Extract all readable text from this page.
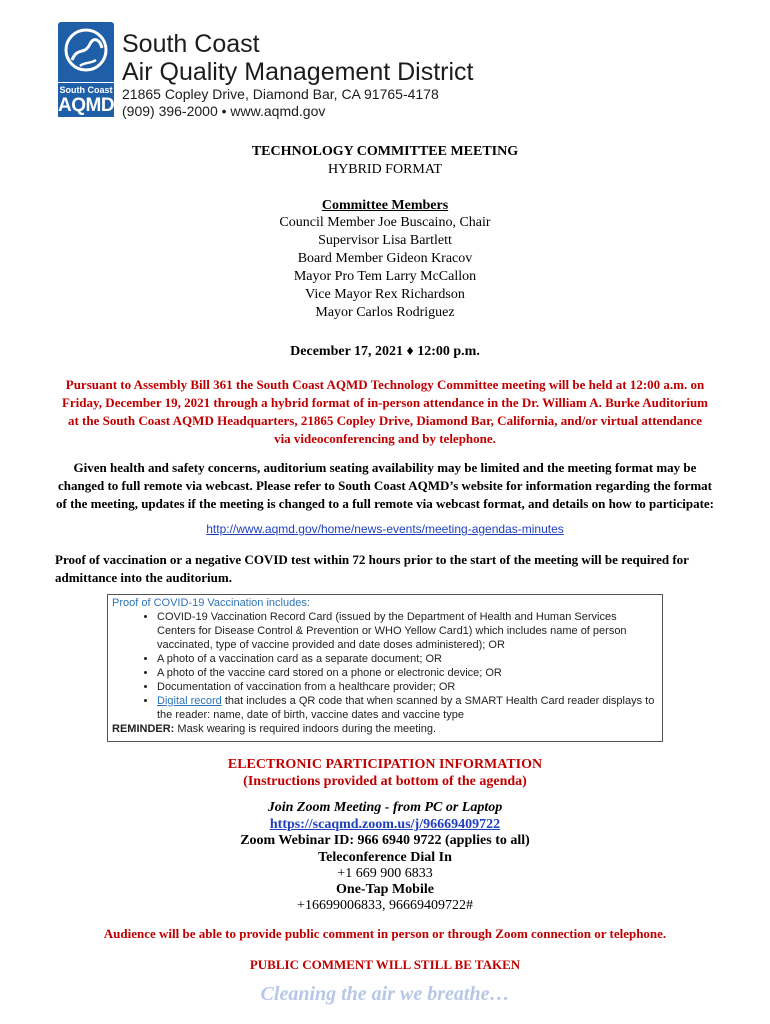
South Coast
AQMD
South Coast
Air Quality Management District
21865 Copley Drive, Diamond Bar, CA 91765-4178
(909) 396-2000 • www.aqmd.gov
TECHNOLOGY COMMITTEE MEETING
HYBRID FORMAT
Committee Members
Council Member Joe Buscaino, Chair
Supervisor Lisa Bartlett
Board Member Gideon Kracov
Mayor Pro Tem Larry McCallon
Vice Mayor Rex Richardson
Mayor Carlos Rodriguez
December 17, 2021 ♦ 12:00 p.m.
Pursuant to Assembly Bill 361 the South Coast AQMD Technology Committee meeting will be held at 12:00 a.m. on Friday, December 19, 2021 through a hybrid format of in-person attendance in the Dr. William A. Burke Auditorium at the South Coast AQMD Headquarters, 21865 Copley Drive, Diamond Bar, California, and/or virtual attendance via videoconferencing and by telephone.
Given health and safety concerns, auditorium seating availability may be limited and the meeting format may be changed to full remote via webcast. Please refer to South Coast AQMD’s website for information regarding the format of the meeting, updates if the meeting is changed to a full remote via webcast format, and details on how to participate:
http://www.aqmd.gov/home/news-events/meeting-agendas-minutes
Proof of vaccination or a negative COVID test within 72 hours prior to the start of the meeting will be required for admittance into the auditorium.
Proof of COVID-19 Vaccination includes:
• COVID-19 Vaccination Record Card (issued by the Department of Health and Human Services Centers for Disease Control & Prevention or WHO Yellow Card1) which includes name of person vaccinated, type of vaccine provided and date doses administered); OR
• A photo of a vaccination card as a separate document; OR
• A photo of the vaccine card stored on a phone or electronic device; OR
• Documentation of vaccination from a healthcare provider; OR
• Digital record that includes a QR code that when scanned by a SMART Health Card reader displays to the reader: name, date of birth, vaccine dates and vaccine type
REMINDER: Mask wearing is required indoors during the meeting.
ELECTRONIC PARTICIPATION INFORMATION
(Instructions provided at bottom of the agenda)
Join Zoom Meeting - from PC or Laptop
https://scaqmd.zoom.us/j/96669409722
Zoom Webinar ID: 966 6940 9722 (applies to all)
Teleconference Dial In
+1 669 900 6833
One-Tap Mobile
+16699006833, 96669409722#
Audience will be able to provide public comment in person or through Zoom connection or telephone.
PUBLIC COMMENT WILL STILL BE TAKEN
Cleaning the air we breathe…
